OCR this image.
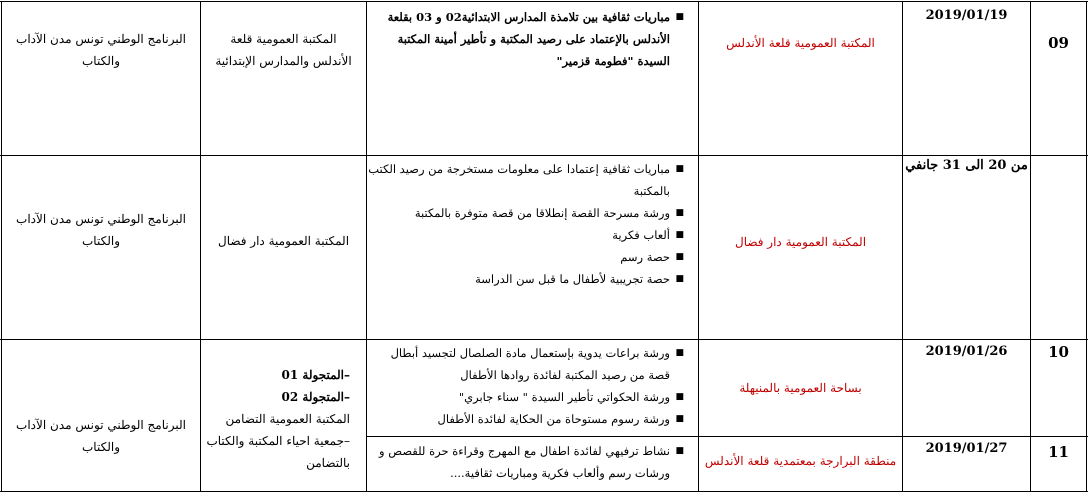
09
2019/01/19
المكتبة العمومية قلعة الأندلس
■
مباريات ثقافية بين تلامذة المدارس الابتدائية02 و 03 بقلعة الأندلس بالإعتماد على رصيد المكتبة و تأطير أمينة المكتبة السيدة "فطومة قزمير"
المكتبة العمومية قلعة الأندلس والمدارس الإبتدائية
البرنامج الوطني تونس مدن الآداب والكتاب
من 20 الى 31 جانفي
المكتبة العمومية دار فضال
■
مباريات ثقافية إعتمادا على معلومات مستخرجة من رصيد الكتب بالمكتبة
■
ورشة مسرحة القصة إنطلاقا من قصة متوفرة بالمكتبة
■
ألعاب فكرية
■
حصة رسم
■
حصة تجريبية لأطفال ما قبل سن الدراسة
المكتبة العمومية دار فضال
البرنامج الوطني تونس مدن الآداب والكتاب
10
2019/01/26
بساحة العمومية بالمنيهلة
■
ورشة براعات يدوية بإستعمال مادة الصلصال لتجسيد أبطال قصة من رصيد المكتبة لفائدة روادها الأطفال
■
ورشة الحكواتي تأطير السيدة " سناء جابري"
■
ورشة رسوم مستوحاة من الحكاية لفائدة الأطفال
–المتجولة 01
–المتجولة 02
المكتبة العمومية التضامن
–جمعية احياء المكتبة والكتاب بالتضامن
البرنامج الوطني تونس مدن الآداب والكتاب	11
2019/01/27
منطقة البرارجة بمعتمدية قلعة الأندلس
■
نشاط ترفيهي لفائدة اطفال مع المهرج وقراءة حرة للقصص و ورشات رسم وألعاب فكرية ومباريات ثقافية....
